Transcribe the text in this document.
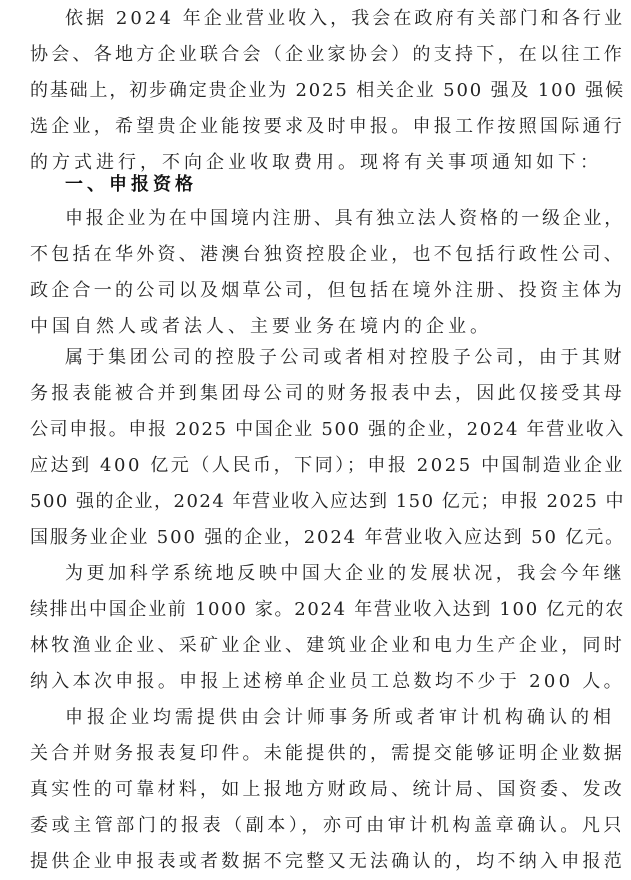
依据 2024 年企业营业收入，我会在政府有关部门和各行业
协会、各地方企业联合会（企业家协会）的支持下，在以往工作
的基础上，初步确定贵企业为 2025 相关企业 500 强及 100 强候
选企业，希望贵企业能按要求及时申报。申报工作按照国际通行
的方式进行，不向企业收取费用。现将有关事项通知如下：
一、申报资格
申报企业为在中国境内注册、具有独立法人资格的一级企业，
不包括在华外资、港澳台独资控股企业，也不包括行政性公司、
政企合一的公司以及烟草公司，但包括在境外注册、投资主体为
中国自然人或者法人、主要业务在境内的企业。
属于集团公司的控股子公司或者相对控股子公司，由于其财
务报表能被合并到集团母公司的财务报表中去，因此仅接受其母
公司申报。申报 2025 中国企业 500 强的企业，2024 年营业收入
应达到 400 亿元（人民币，下同）；申报 2025 中国制造业企业
500 强的企业，2024 年营业收入应达到 150 亿元；申报 2025 中
国服务业企业 500 强的企业，2024 年营业收入应达到 50 亿元。
为更加科学系统地反映中国大企业的发展状况，我会今年继
续排出中国企业前 1000 家。2024 年营业收入达到 100 亿元的农
林牧渔业企业、采矿业企业、建筑业企业和电力生产企业，同时
纳入本次申报。申报上述榜单企业员工总数均不少于 200 人。
申报企业均需提供由会计师事务所或者审计机构确认的相
关合并财务报表复印件。未能提供的，需提交能够证明企业数据
真实性的可靠材料，如上报地方财政局、统计局、国资委、发改
委或主管部门的报表（副本），亦可由审计机构盖章确认。凡只
提供企业申报表或者数据不完整又无法确认的，均不纳入申报范
